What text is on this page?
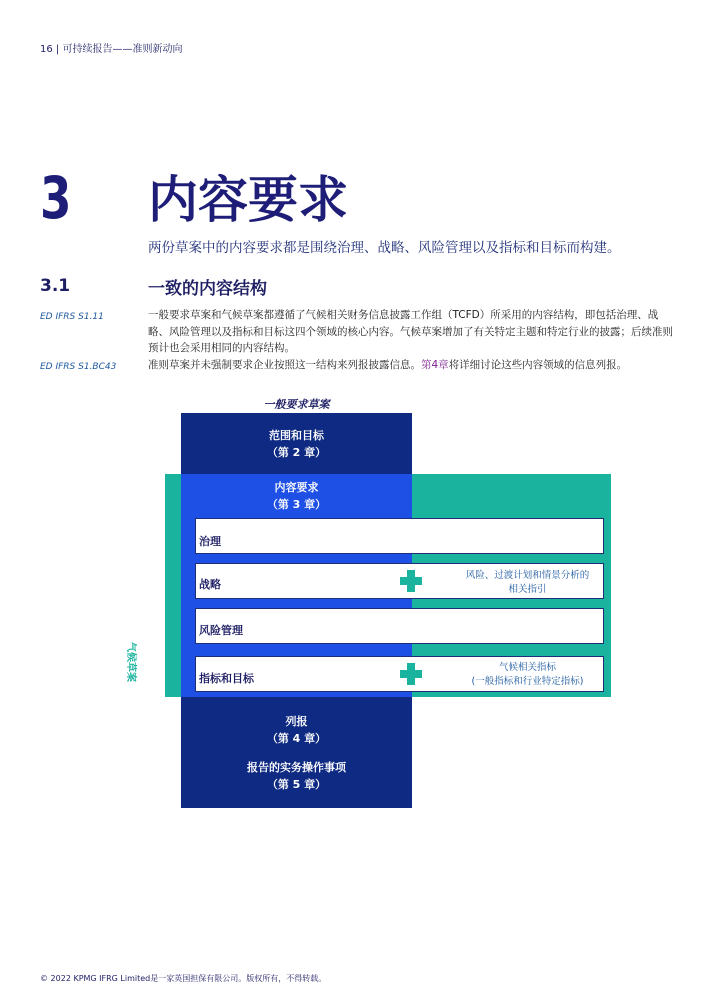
16 | 可持续报告——准则新动向
3 内容要求
两份草案中的内容要求都是围绕治理、战略、风险管理以及指标和目标而构建。
3.1	一致的内容结构
ED IFRS S1.11	一般要求草案和气候草案都遵循了气候相关财务信息披露工作组（TCFD）所采用的内容结构，即包括治理、战略、风险管理以及指标和目标这四个领域的核心内容。气候草案增加了有关特定主题和特定行业的披露；后续准则预计也会采用相同的内容结构。
ED IFRS S1.BC43	准则草案并未强制要求企业按照这一结构来列报披露信息。第4章将详细讨论这些内容领域的信息列报。
一般要求草案
范围和目标
（第 2 章）
内容要求
（第 3 章）
气候草案
治理
战略
风险、过渡计划和情景分析的
相关指引
风险管理
指标和目标
气候相关指标
(一般指标和行业特定指标)
列报
（第 4 章）
报告的实务操作事项
（第 5 章）
© 2022 KPMG IFRG Limited是一家英国担保有限公司。版权所有，不得转载。
